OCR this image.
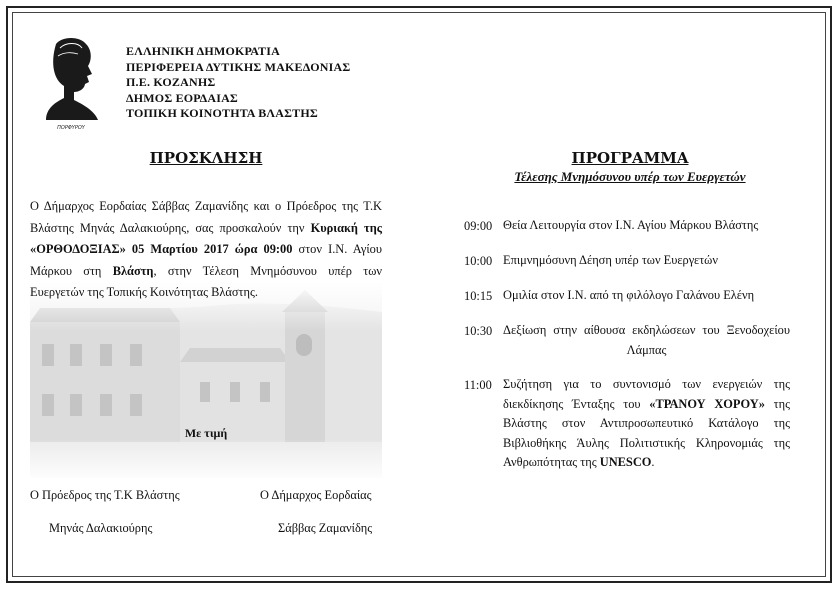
ΠΟΡΦΥΡΟΥ
ΕΛΛΗΝΙΚΗ ΔΗΜΟΚΡΑΤΙΑ
ΠΕΡΙΦΕΡΕΙΑ ΔΥΤΙΚΗΣ ΜΑΚΕΔΟΝΙΑΣ
Π.Ε. ΚΟΖΑΝΗΣ
ΔΗΜΟΣ ΕΟΡΔΑΙΑΣ
ΤΟΠΙΚΗ ΚΟΙΝΟΤΗΤΑ ΒΛΑΣΤΗΣ
ΠΡΟΣΚΛΗΣΗ
Ο Δήμαρχος Εορδαίας Σάββας Ζαμανίδης και ο Πρόεδρος της Τ.Κ Βλάστης Μηνάς Δαλακιούρης, σας προσκαλούν την Κυριακή της «ΟΡΘΟΔΟΞΙΑΣ» 05 Μαρτίου 2017 ώρα 09:00 στον Ι.Ν. Αγίου Μάρκου στη Βλάστη, στην Τέλεση Μνημόσυνου υπέρ των Ευεργετών της Τοπικής Κοινότητας Βλάστης.
Με τιμή
Ο Πρόεδρος της Τ.Κ Βλάστης
Μηνάς Δαλακιούρης
Ο Δήμαρχος Εορδαίας
Σάββας Ζαμανίδης
ΠΡΟΓΡΑΜΜΑ
Τέλεσης Μνημόσυνου υπέρ των Ευεργετών
09:00 Θεία Λειτουργία στον Ι.Ν. Αγίου Μάρκου Βλάστης
10:00 Επιμνημόσυνη Δέηση υπέρ των Ευεργετών
10:15 Ομιλία στον Ι.Ν. από τη φιλόλογο Γαλάνου Ελένη
10:30 Δεξίωση στην αίθουσα εκδηλώσεων του Ξενοδοχείου Λάμπας
11:00 Συζήτηση για το συντονισμό των ενεργειών της διεκδίκησης Ένταξης του «ΤΡΑΝΟΥ ΧΟΡΟΥ» της Βλάστης στον Αντιπροσωπευτικό Κατάλογο της Βιβλιοθήκης Άυλης Πολιτιστικής Κληρονομιάς της Ανθρωπότητας της UNESCO.
